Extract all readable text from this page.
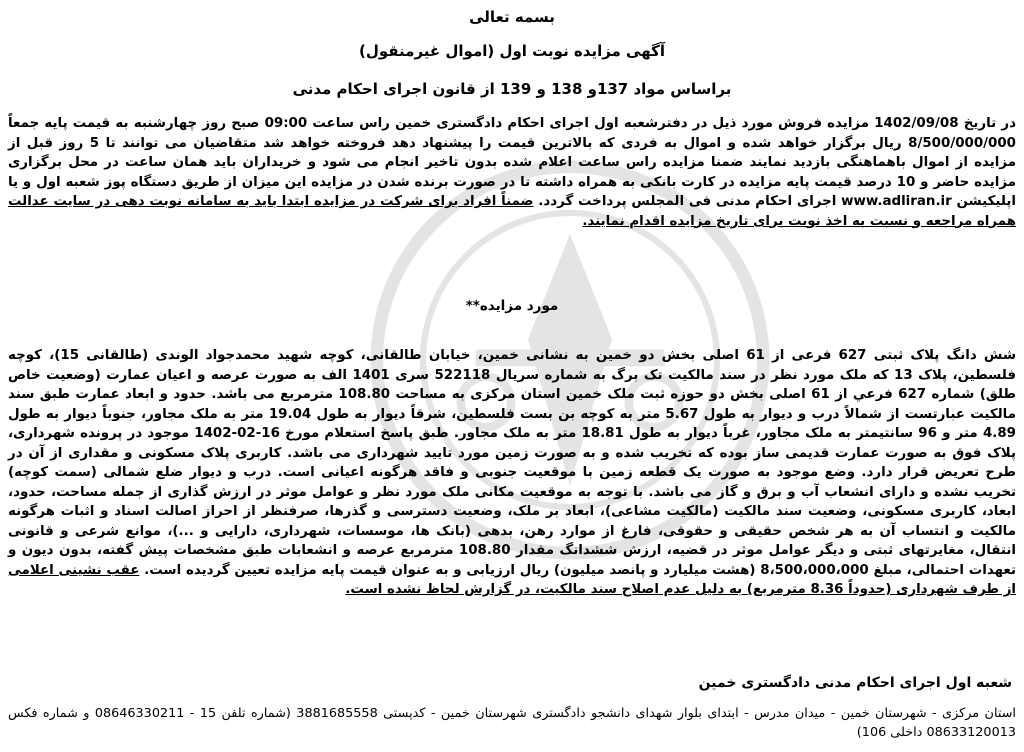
بسمه تعالی
آگهی مزایده نوبت اول (اموال غیرمنقول)
براساس مواد 137و 138 و 139 از قانون اجرای احکام مدنی
در تاریخ 1402/09/08 مزایده فروش مورد ذیل در دفترشعبه اول اجرای احکام دادگستری خمین راس ساعت 09:00 صبح روز چهارشنبه به قیمت پایه جمعاً 8/500/000/000 ریال برگزار خواهد شده و اموال به فردی که بالاترین قیمت را پیشنهاد دهد فروخته خواهد شد متقاضیان می توانند تا 5 روز قبل از مزایده از اموال باهماهنگی بازدید نمایند ضمنا مزایده راس ساعت اعلام شده بدون تاخیر انجام می شود و خریداران باید همان ساعت در محل برگزاری مزایده حاضر و 10 درصد قیمت پایه مزایده در کارت بانکی به همراه داشته تا در صورت برنده شدن در مزایده این میزان از طریق دستگاه پوز شعبه اول و یا اپلیکیشن www.adliran.ir اجرای احکام مدنی فی المجلس پرداخت گردد. ضمناً افراد برای شرکت در مزایده ابتدا باید به سامانه نوبت دهی در سایت عدالت همراه مراجعه و نسبت به اخذ نوبت برای تاریخ مزایده اقدام نمایند.
مورد مزایده**
شش دانگ پلاک ثبتی 627 فرعی از 61 اصلی بخش دو خمین به نشانی خمین، خیابان طالقانی، کوچه شهید محمدجواد الوندی (طالقانی 15)، کوچه فلسطین، پلاک 13 که ملک مورد نظر در سند مالکیت تک برگ به شماره سریال 522118 سری 1401 الف به صورت عرصه و اعیان عمارت (وضعیت خاص طلق) شماره 627 فرعي از 61 اصلی بخش دو حوزه ثبت ملک خمین استان مرکزی به مساحت 108.80 مترمربع می باشد. حدود و ابعاد عمارت طبق سند مالکیت عبارتست از شمالاً درب و دیوار به طول 5.67 متر به کوچه بن بست فلسطین، شرقاً دیوار به طول 19.04 متر به ملک مجاور، جنوباً دیوار به طول 4.89 متر و 96 سانتیمتر به ملک مجاور، غرباً دیوار به طول 18.81 متر به ملک مجاور. طبق پاسخ استعلام مورخ 16-02-1402 موجود در پرونده شهرداری، پلاک فوق به صورت عمارت قدیمی ساز بوده که تخریب شده و به صورت زمین مورد تایید شهرداری می باشد. کاربری پلاک مسکونی و مقداری از آن در طرح تعریض قرار دارد. وضع موجود به صورت یک قطعه زمین با موقعیت جنوبی و فاقد هرگونه اعیانی است. درب و دیوار ضلع شمالی (سمت کوچه) تخریب نشده و دارای انشعاب آب و برق و گاز می باشد. با توجه به موقعیت مکانی ملک مورد نظر و عوامل موثر در ارزش گذاری از جمله مساحت، حدود، ابعاد، کاربری مسکونی، وضعیت سند مالکیت (مالکیت مشاعی)، ابعاد بر ملک، وضعیت دسترسی و گذرها، صرفنظر از احراز اصالت اسناد و اثبات هرگونه مالکیت و انتساب آن به هر شخص حقیقی و حقوقی، فارغ از موارد رهن، بدهی (بانک ها، موسسات، شهرداری، دارایی و ...)، موانع شرعی و قانونی انتقال، مغایرتهای ثبتی و دیگر عوامل موثر در قضیه، ارزش ششدانگ مقدار 108.80 مترمربع عرصه و انشعابات طبق مشخصات پیش گفته، بدون دیون و تعهدات احتمالی، مبلغ 8،500،000،000 (هشت میلیارد و پانصد میلیون) ریال ارزیابی و به عنوان قیمت پایه مزایده تعیین گردیده است. عقب نشینی اعلامی از طرف شهرداری (حدوداً 8.36 مترمربع) به دلیل عدم اصلاح سند مالکیت، در گزارش لحاظ نشده است.
شعبه اول اجرای احکام مدنی دادگستری خمین
استان مرکزی - شهرستان خمین - میدان مدرس - ابتدای بلوار شهدای دانشجو دادگستری شهرستان خمین - کدپستی 3881685558 (شماره تلفن 15 - 08646330211 و شماره فکس 08633120013 داخلی 106)
